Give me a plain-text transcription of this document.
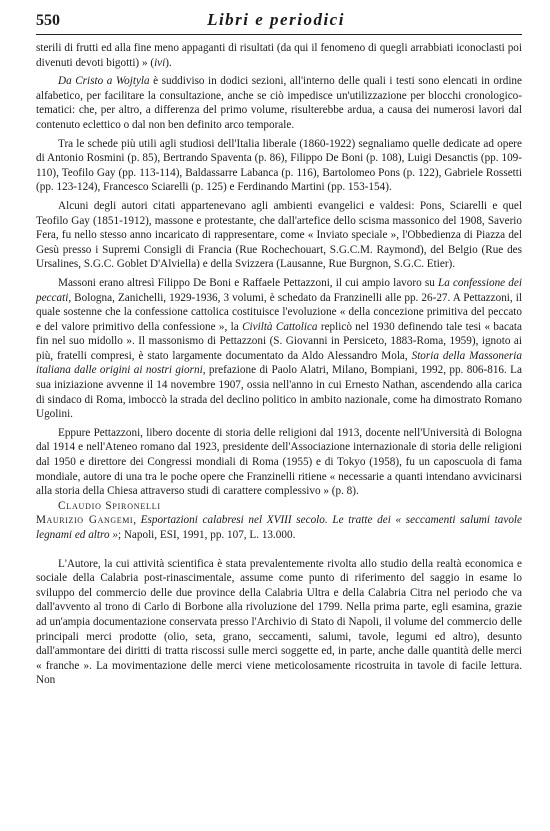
550	Libri e periodici

sterili di frutti ed alla fine meno appaganti di risultati (da qui il fenomeno di quegli arrabbiati iconoclasti poi divenuti devoti bigotti) » (ivi).

Da Cristo a Wojtyla è suddiviso in dodici sezioni, all'interno delle quali i testi sono elencati in ordine alfabetico, per facilitare la consultazione, anche se ciò impedisce un'utilizzazione per blocchi cronologico-tematici: che, per altro, a differenza del primo volume, risulterebbe ardua, a causa dei numerosi lavori dal contenuto eclettico o dal non ben definito arco temporale.

Tra le schede più utili agli studiosi dell'Italia liberale (1860-1922) segnaliamo quelle dedicate ad opere di Antonio Rosmini (p. 85), Bertrando Spaventa (p. 86), Filippo De Boni (p. 108), Luigi Desanctis (pp. 109-110), Teofilo Gay (pp. 113-114), Baldassarre Labanca (p. 116), Bartolomeo Pons (p. 122), Gabriele Rossetti (pp. 123-124), Francesco Sciarelli (p. 125) e Ferdinando Martini (pp. 153-154).

Alcuni degli autori citati appartenevano agli ambienti evangelici e valdesi: Pons, Sciarelli e quel Teofilo Gay (1851-1912), massone e protestante, che dall'artefice dello scisma massonico del 1908, Saverio Fera, fu nello stesso anno incaricato di rappresentare, come « Inviato speciale », l'Obbedienza di Piazza del Gesù presso i Supremi Consigli di Francia (Rue Rochechouart, S.G.C.M. Raymond), del Belgio (Rue des Ursalines, S.G.C. Goblet D'Alviella) e della Svizzera (Lausanne, Rue Burgnon, S.G.C. Etier).

Massoni erano altresì Filippo De Boni e Raffaele Pettazzoni, il cui ampio lavoro su La confessione dei peccati, Bologna, Zanichelli, 1929-1936, 3 volumi, è schedato da Franzinelli alle pp. 26-27. A Pettazzoni, il quale sostenne che la confessione cattolica costituisce l'evoluzione « della concezione primitiva del peccato e del valore primitivo della confessione », la Civiltà Cattolica replicò nel 1930 definendo tale tesi « bacata fin nel suo midollo ». Il massonismo di Pettazzoni (S. Giovanni in Persiceto, 1883-Roma, 1959), ignoto ai più, fratelli compresi, è stato largamente documentato da Aldo Alessandro Mola, Storia della Massoneria italiana dalle origini ai nostri giorni, prefazione di Paolo Alatri, Milano, Bompiani, 1992, pp. 806-816. La sua iniziazione avvenne il 14 novembre 1907, ossia nell'anno in cui Ernesto Nathan, ascendendo alla carica di sindaco di Roma, imboccò la strada del declino politico in ambito nazionale, come ha dimostrato Romano Ugolini.

Eppure Pettazzoni, libero docente di storia delle religioni dal 1913, docente nell'Università di Bologna dal 1914 e nell'Ateneo romano dal 1923, presidente dell'Associazione internazionale di storia delle religioni dal 1950 e direttore dei Congressi mondiali di Roma (1955) e di Tokyo (1958), fu un caposcuola di fama mondiale, autore di una tra le poche opere che Franzinelli ritiene « necessarie a quanti intendano avvicinarsi alla storia della Chiesa attraverso studi di carattere complessivo » (p. 8).

Claudio Spironelli

Maurizio Gangemi, Esportazioni calabresi nel XVIII secolo. Le tratte dei « seccamenti salumi tavole legnami ed altro »; Napoli, ESI, 1991, pp. 107, L. 13.000.

L'Autore, la cui attività scientifica è stata prevalentemente rivolta allo studio della realtà economica e sociale della Calabria post-rinascimentale, assume come punto di riferimento del saggio in esame lo sviluppo del commercio delle due province della Calabria Ultra e della Calabria Citra nel periodo che va dall'avvento al trono di Carlo di Borbone alla rivoluzione del 1799. Nella prima parte, egli esamina, grazie ad un'ampia documentazione conservata presso l'Archivio di Stato di Napoli, il volume del commercio delle principali merci prodotte (olio, seta, grano, seccamenti, salumi, tavole, legumi ed altro), desunto dall'ammontare dei diritti di tratta riscossi sulle merci soggette ed, in parte, anche dalle quantità delle merci « franche ». La movimentazione delle merci viene meticolosamente ricostruita in tavole di facile lettura. Non
